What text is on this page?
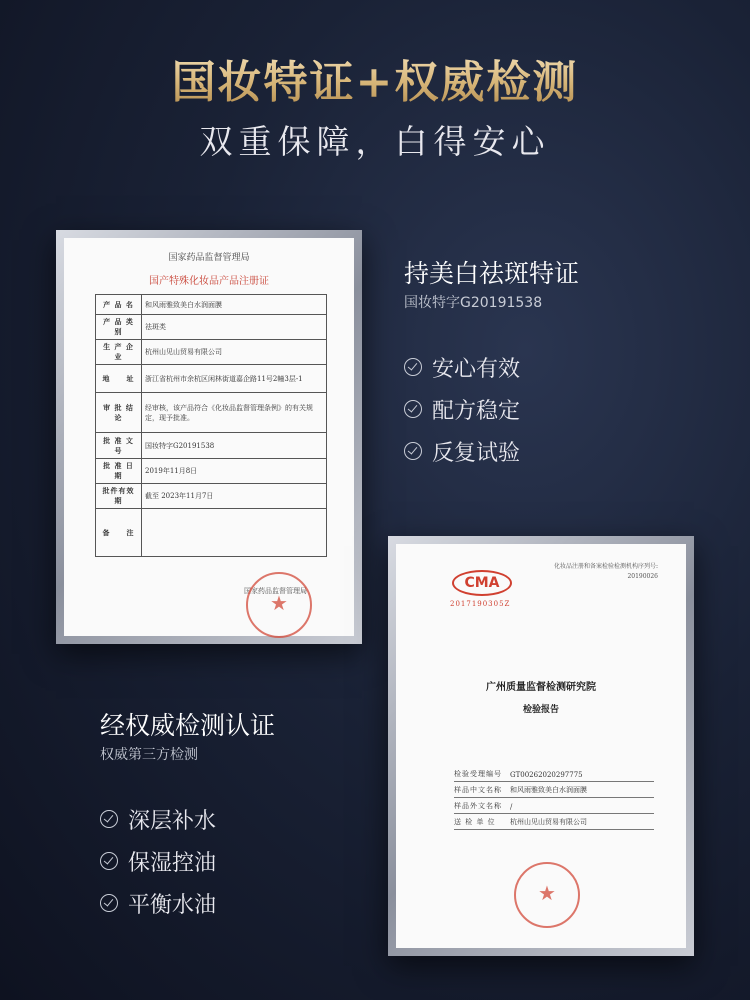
国妆特证+权威检测
双重保障，白得安心
国家药品监督管理局
国产特殊化妆品产品注册证
产 品 名	和风雨雅致美白水润面膜
产 品 类 别	祛斑类
生 产 企 业	杭州山见山贸易有限公司
地　　址	浙江省杭州市余杭区闲林街道嘉企路11号2幢3层-1
审 批 结 论	经审核，该产品符合《化妆品监督管理条例》的有关规定，现予批准。
批 准 文 号	国妆特字G20191538
批 准 日 期	2019年11月8日
批件有效期	截至 2023年11月7日
备　　注	
国家药品监督管理局
★
化妆品注册和备案检验检测机构序列号:
20190026
CMA
2017190305Z
广州质量监督检测研究院
检验报告
检验受理编号	GT00262020297775
样品中文名称	和风雨雅致美白水润面膜
样品外文名称	/
送 检 单 位	杭州山见山贸易有限公司
★
持美白祛斑特证
国妆特字G20191538
安心有效
配方稳定
反复试验
经权威检测认证
权威第三方检测
深层补水
保湿控油
平衡水油
